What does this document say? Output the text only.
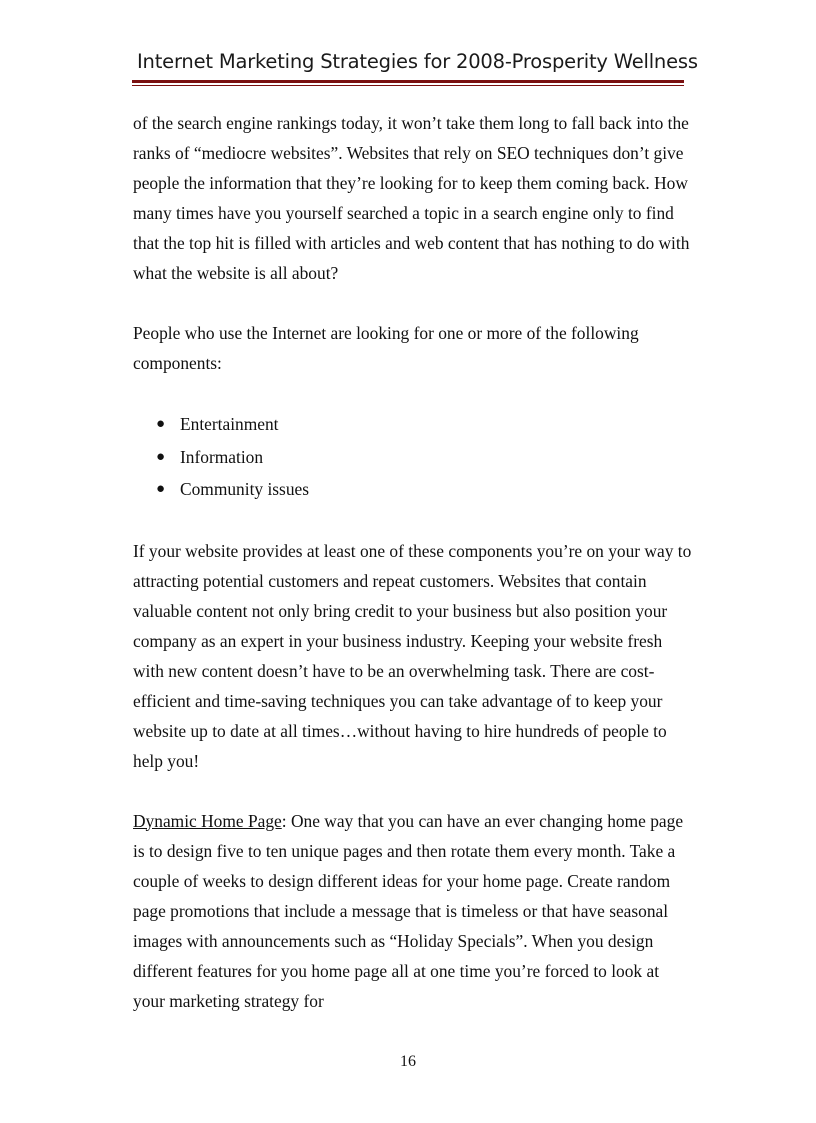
Internet Marketing Strategies for 2008-Prosperity Wellness

of the search engine rankings today, it won’t take them long to fall back into the ranks of “mediocre websites”. Websites that rely on SEO techniques don’t give people the information that they’re looking for to keep them coming back. How many times have you yourself searched a topic in a search engine only to find that the top hit is filled with articles and web content that has nothing to do with what the website is all about?

People who use the Internet are looking for one or more of the following components:

● Entertainment
● Information
● Community issues

If your website provides at least one of these components you’re on your way to attracting potential customers and repeat customers. Websites that contain valuable content not only bring credit to your business but also position your company as an expert in your business industry. Keeping your website fresh with new content doesn’t have to be an overwhelming task. There are cost-efficient and time-saving techniques you can take advantage of to keep your website up to date at all times…without having to hire hundreds of people to help you!

Dynamic Home Page: One way that you can have an ever changing home page is to design five to ten unique pages and then rotate them every month. Take a couple of weeks to design different ideas for your home page. Create random page promotions that include a message that is timeless or that have seasonal images with announcements such as “Holiday Specials”. When you design different features for you home page all at one time you’re forced to look at your marketing strategy for

16
